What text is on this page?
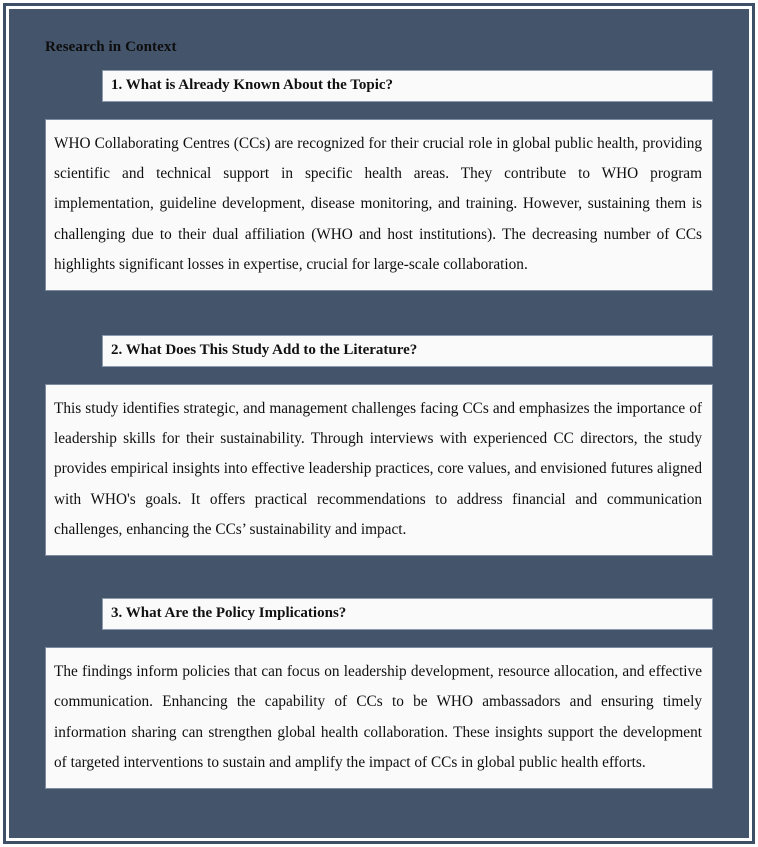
Research in Context
1. What is Already Known About the Topic?
WHO Collaborating Centres (CCs) are recognized for their crucial role in global public health, providing scientific and technical support in specific health areas. They contribute to WHO program implementation, guideline development, disease monitoring, and training. However, sustaining them is challenging due to their dual affiliation (WHO and host institutions). The decreasing number of CCs highlights significant losses in expertise, crucial for large-scale collaboration.
2. What Does This Study Add to the Literature?
This study identifies strategic, and management challenges facing CCs and emphasizes the importance of leadership skills for their sustainability. Through interviews with experienced CC directors, the study provides empirical insights into effective leadership practices, core values, and envisioned futures aligned with WHO's goals. It offers practical recommendations to address financial and communication challenges, enhancing the CCs’ sustainability and impact.
3. What Are the Policy Implications?
The findings inform policies that can focus on leadership development, resource allocation, and effective communication. Enhancing the capability of CCs to be WHO ambassadors and ensuring timely information sharing can strengthen global health collaboration. These insights support the development of targeted interventions to sustain and amplify the impact of CCs in global public health efforts.
